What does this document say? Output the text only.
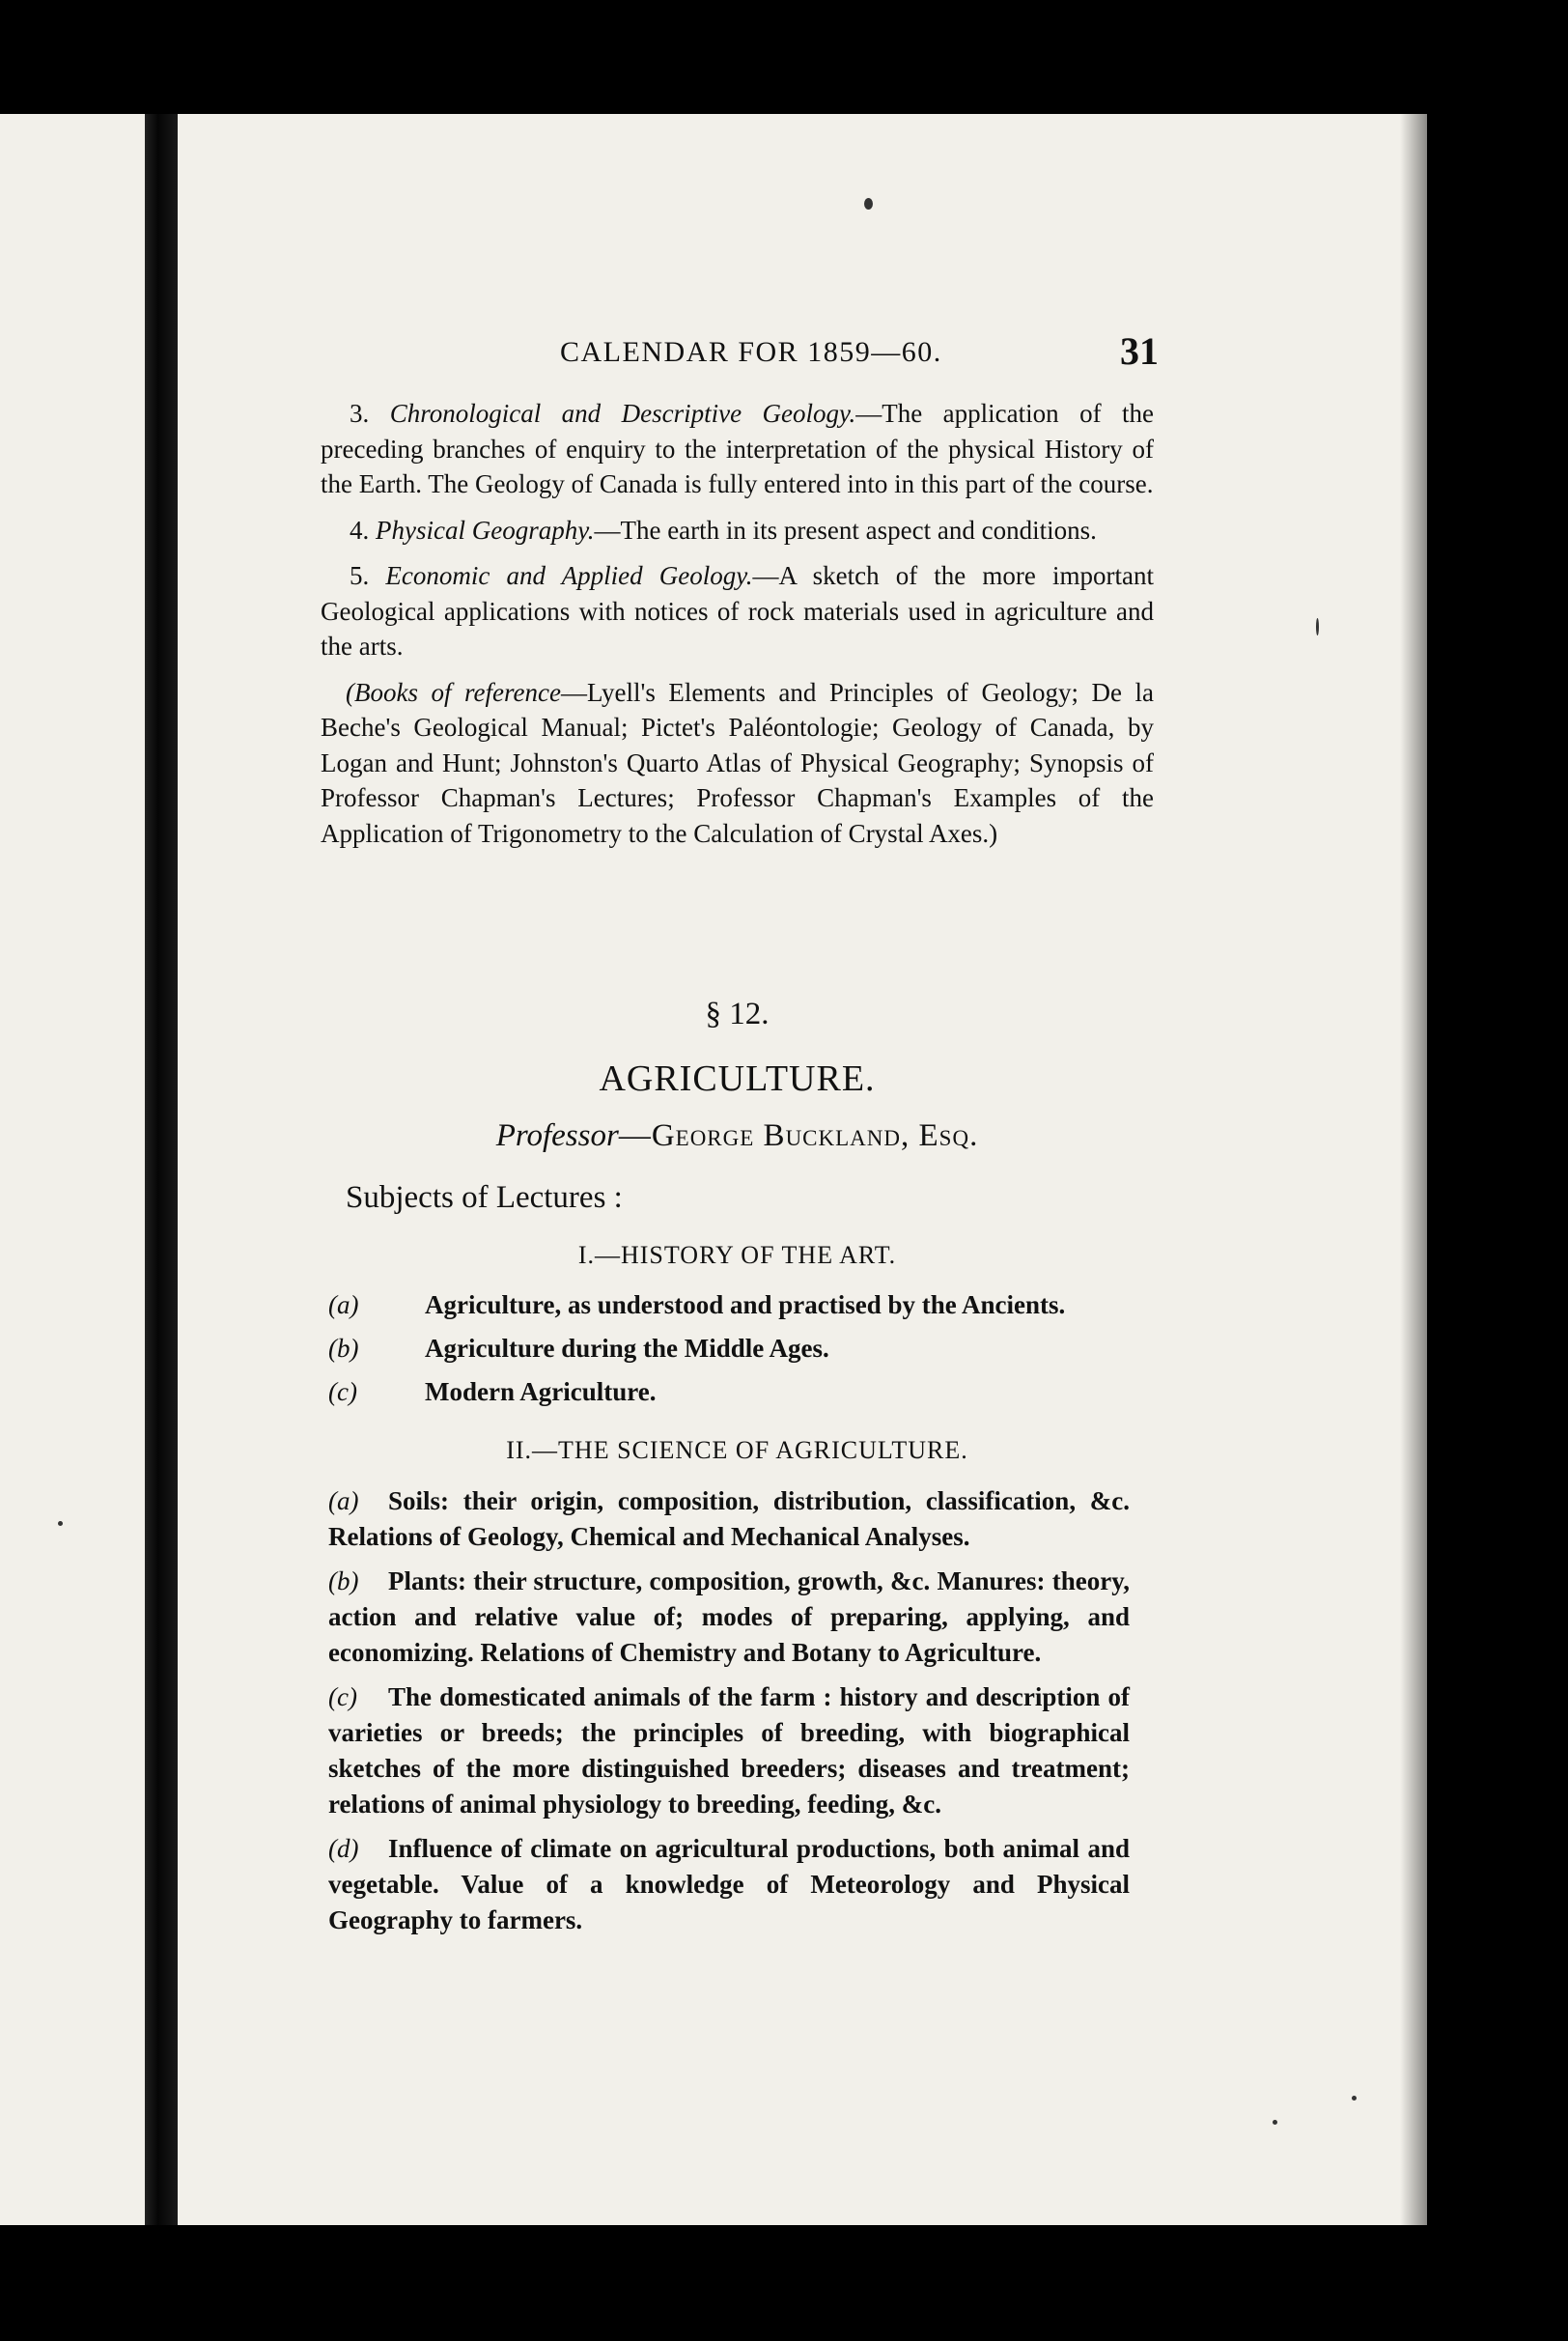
CALENDAR FOR 1859—60.	31

3. Chronological and Descriptive Geology.—The application of the preceding branches of enquiry to the interpretation of the physical History of the Earth. The Geology of Canada is fully entered into in this part of the course.

4. Physical Geography.—The earth in its present aspect and conditions.

5. Economic and Applied Geology.—A sketch of the more important Geological applications with notices of rock materials used in agriculture and the arts.

(Books of reference—Lyell's Elements and Principles of Geology; De la Beche's Geological Manual; Pictet's Paléontologie; Geology of Canada, by Logan and Hunt; Johnston's Quarto Atlas of Physical Geography; Synopsis of Professor Chapman's Lectures; Professor Chapman's Examples of the Application of Trigonometry to the Calculation of Crystal Axes.)

§ 12.
AGRICULTURE.
Professor—George Buckland, Esq.
Subjects of Lectures :
I.—HISTORY OF THE ART.
(a)	Agriculture, as understood and practised by the Ancients.
(b)	Agriculture during the Middle Ages.
(c)	Modern Agriculture.
II.—THE SCIENCE OF AGRICULTURE.
(a) Soils: their origin, composition, distribution, classification, &c. Relations of Geology, Chemical and Mechanical Analyses.
(b) Plants: their structure, composition, growth, &c. Manures: theory, action and relative value of; modes of preparing, applying, and economizing. Relations of Chemistry and Botany to Agriculture.
(c) The domesticated animals of the farm : history and description of varieties or breeds; the principles of breeding, with biographical sketches of the more distinguished breeders; diseases and treatment; relations of animal physiology to breeding, feeding, &c.
(d) Influence of climate on agricultural productions, both animal and vegetable. Value of a knowledge of Meteorology and Physical Geography to farmers.
